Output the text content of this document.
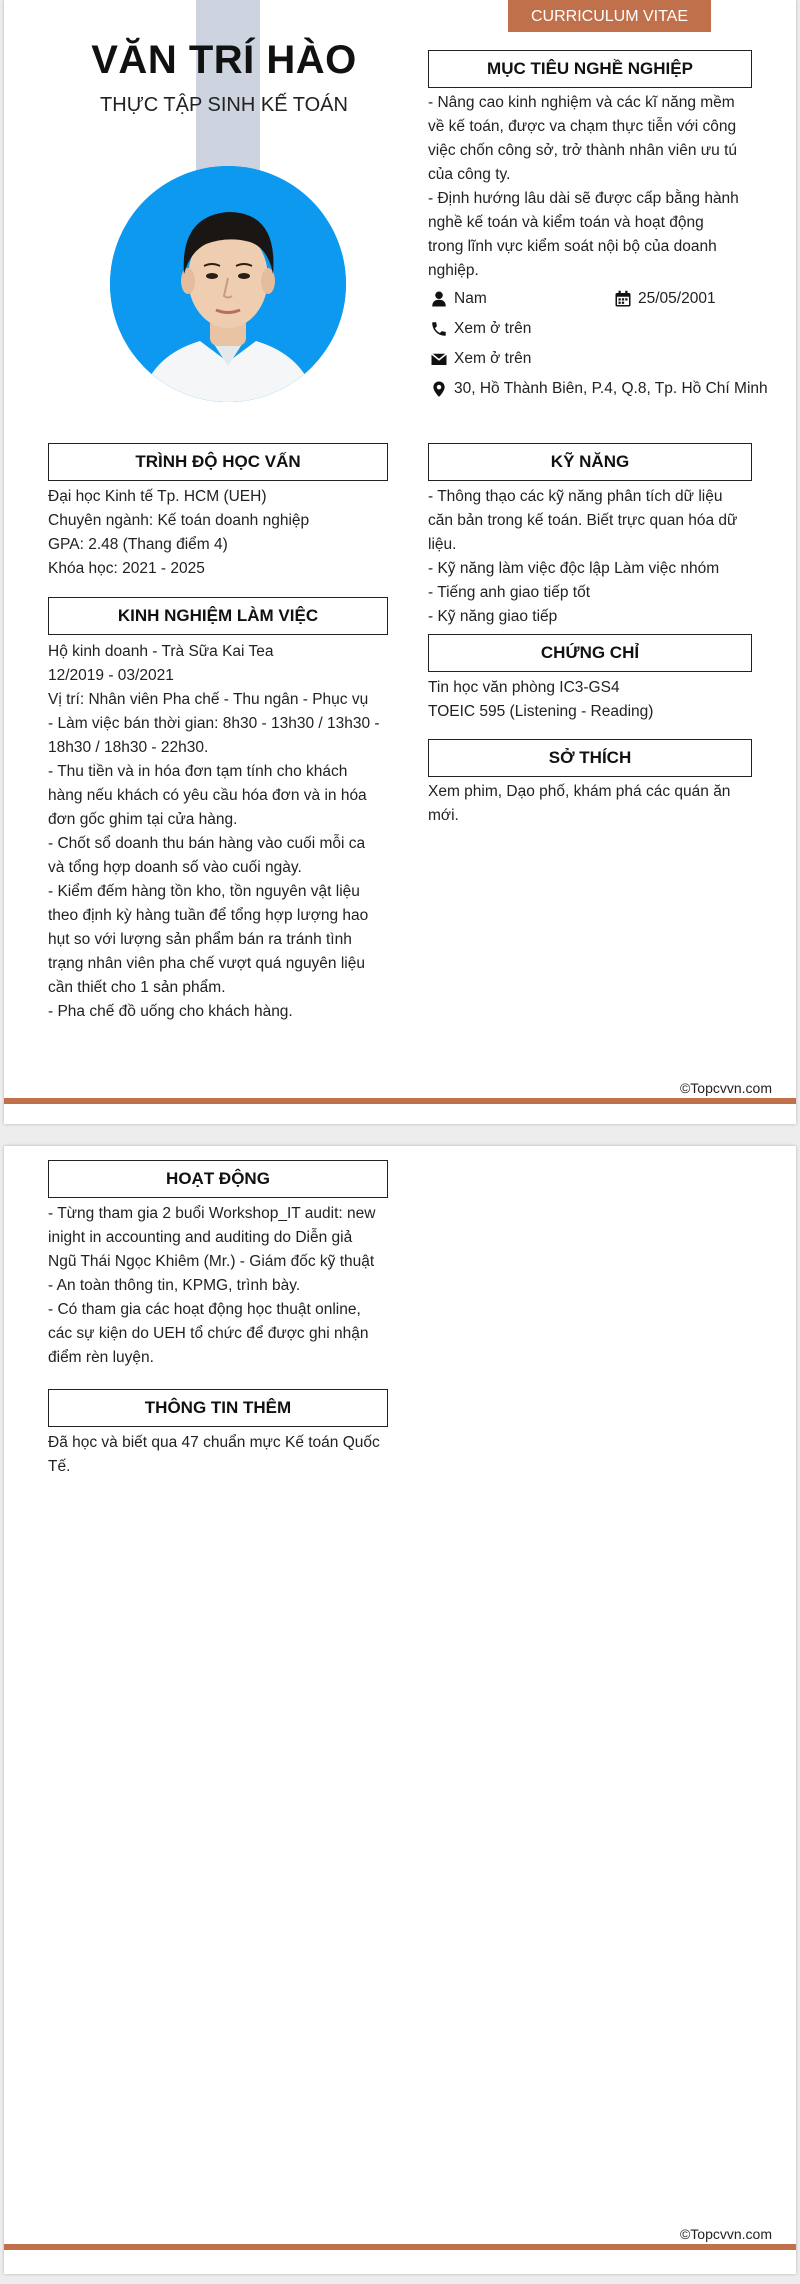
CURRICULUM VITAE
VĂN TRÍ HÀO
THỰC TẬP SINH KẾ TOÁN
MỤC TIÊU NGHỀ NGHIỆP

- Nâng cao kinh nghiệm và các kĩ năng mềm

về kế toán, được va chạm thực tiễn với công

việc chốn công sở, trở thành nhân viên ưu tú

của công ty.

- Định hướng lâu dài sẽ được cấp bằng hành

nghề kế toán và kiểm toán và hoạt động

trong lĩnh vực kiểm soát nội bộ của doanh

nghiệp.

Nam	25/05/2001
Xem ở trên
Xem ở trên
30, Hồ Thành Biên, P.4, Q.8, Tp. Hồ Chí Minh
TRÌNH ĐỘ HỌC VẤN

Đại học Kinh tế Tp. HCM (UEH)

Chuyên ngành: Kế toán doanh nghiệp

GPA: 2.48 (Thang điểm 4)

Khóa học: 2021 - 2025

KINH NGHIỆM LÀM VIỆC

Hộ kinh doanh - Trà Sữa Kai Tea

12/2019 - 03/2021

Vị trí: Nhân viên Pha chế - Thu ngân - Phục vụ

- Làm việc bán thời gian: 8h30 - 13h30 / 13h30 -

18h30 / 18h30 - 22h30.

- Thu tiền và in hóa đơn tạm tính cho khách

hàng nếu khách có yêu cầu hóa đơn và in hóa

đơn gốc ghim tại cửa hàng.

- Chốt sổ doanh thu bán hàng vào cuối mỗi ca

và tổng hợp doanh số vào cuối ngày.

- Kiểm đếm hàng tồn kho, tồn nguyên vật liệu

theo định kỳ hàng tuần để tổng hợp lượng hao

hụt so với lượng sản phẩm bán ra tránh tình

trạng nhân viên pha chế vượt quá nguyên liệu

cần thiết cho 1 sản phẩm.

- Pha chế đồ uống cho khách hàng.

KỸ NĂNG

- Thông thạo các kỹ năng phân tích dữ liệu

căn bản trong kế toán. Biết trực quan hóa dữ

liệu.

- Kỹ năng làm việc độc lập Làm việc nhóm

- Tiếng anh giao tiếp tốt

- Kỹ năng giao tiếp

CHỨNG CHỈ

Tin học văn phòng IC3-GS4

TOEIC 595 (Listening - Reading)

SỞ THÍCH

Xem phim, Dạo phố, khám phá các quán ăn

mới.

©Topcvvn.com
HOẠT ĐỘNG

- Từng tham gia 2 buổi Workshop_IT audit: new

inight in accounting and auditing do Diễn giả

Ngũ Thái Ngọc Khiêm (Mr.) - Giám đốc kỹ thuật

- An toàn thông tin, KPMG, trình bày.

- Có tham gia các hoạt động học thuật online,

các sự kiện do UEH tổ chức để được ghi nhận

điểm rèn luyện.

THÔNG TIN THÊM

Đã học và biết qua 47 chuẩn mực Kế toán Quốc

Tế.

©Topcvvn.com
